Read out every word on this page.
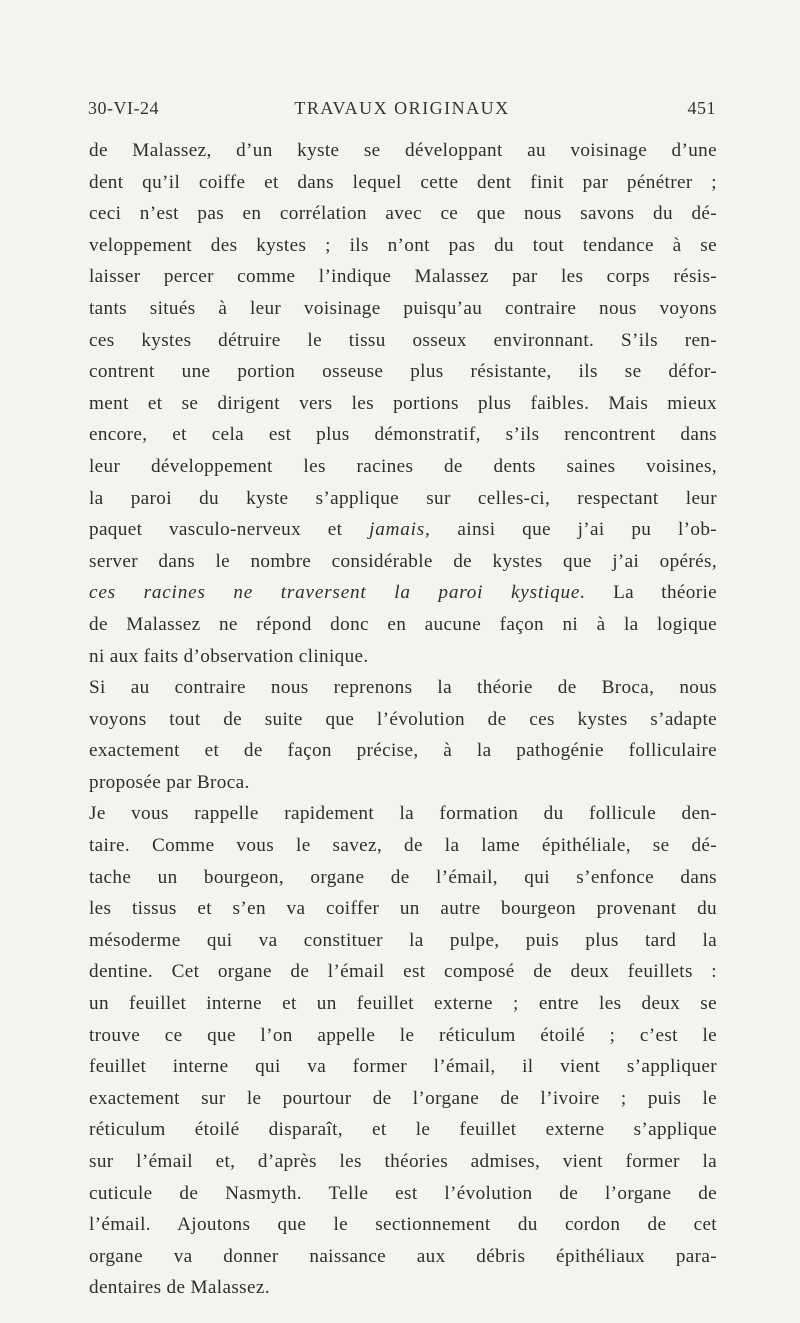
30-VI-24	TRAVAUX ORIGINAUX	451
de Malassez, d’un kyste se développant au voisinage d’une
dent qu’il coiffe et dans lequel cette dent finit par pénétrer ;
ceci n’est pas en corrélation avec ce que nous savons du dé-
veloppement des kystes ; ils n’ont pas du tout tendance à se
laisser percer comme l’indique Malassez par les corps résis-
tants situés à leur voisinage puisqu’au contraire nous voyons
ces kystes détruire le tissu osseux environnant. S’ils ren-
contrent une portion osseuse plus résistante, ils se défor-
ment et se dirigent vers les portions plus faibles. Mais mieux
encore, et cela est plus démonstratif, s’ils rencontrent dans
leur développement les racines de dents saines voisines,
la paroi du kyste s’applique sur celles-ci, respectant leur
paquet vasculo-nerveux et jamais, ainsi que j’ai pu l’ob-
server dans le nombre considérable de kystes que j’ai opérés,
ces racines ne traversent la paroi kystique. La théorie
de Malassez ne répond donc en aucune façon ni à la logique
ni aux faits d’observation clinique.
Si au contraire nous reprenons la théorie de Broca, nous
voyons tout de suite que l’évolution de ces kystes s’adapte
exactement et de façon précise, à la pathogénie folliculaire
proposée par Broca.
Je vous rappelle rapidement la formation du follicule den-
taire. Comme vous le savez, de la lame épithéliale, se dé-
tache un bourgeon, organe de l’émail, qui s’enfonce dans
les tissus et s’en va coiffer un autre bourgeon provenant du
mésoderme qui va constituer la pulpe, puis plus tard la
dentine. Cet organe de l’émail est composé de deux feuillets :
un feuillet interne et un feuillet externe ; entre les deux se
trouve ce que l’on appelle le réticulum étoilé ; c’est le
feuillet interne qui va former l’émail, il vient s’appliquer
exactement sur le pourtour de l’organe de l’ivoire ; puis le
réticulum étoilé disparaît, et le feuillet externe s’applique
sur l’émail et, d’après les théories admises, vient former la
cuticule de Nasmyth. Telle est l’évolution de l’organe de
l’émail. Ajoutons que le sectionnement du cordon de cet
organe va donner naissance aux débris épithéliaux para-
dentaires de Malassez.
